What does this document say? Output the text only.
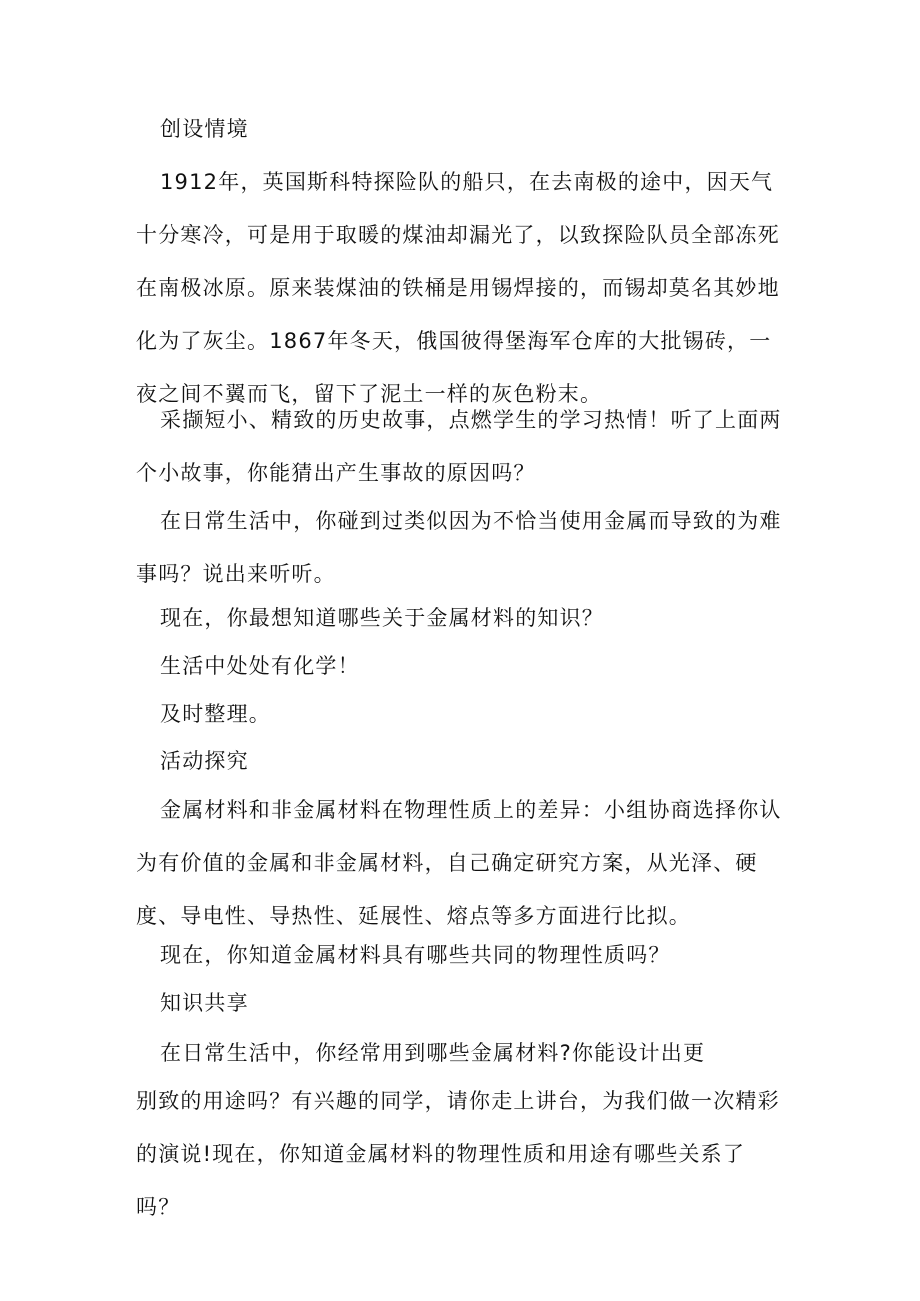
创设情境

1912年，英国斯科特探险队的船只，在去南极的途中，因天气十分寒冷，可是用于取暖的煤油却漏光了，以致探险队员全部冻死在南极冰原。原来装煤油的铁桶是用锡焊接的，而锡却莫名其妙地化为了灰尘。1867年冬天，俄国彼得堡海军仓库的大批锡砖，一夜之间不翼而飞，留下了泥土一样的灰色粉末。

采撷短小、精致的历史故事，点燃学生的学习热情！听了上面两个小故事，你能猜出产生事故的原因吗？

在日常生活中，你碰到过类似因为不恰当使用金属而导致的为难事吗？说出来听听。

现在，你最想知道哪些关于金属材料的知识？

生活中处处有化学！

及时整理。

活动探究

金属材料和非金属材料在物理性质上的差异：小组协商选择你认为有价值的金属和非金属材料，自己确定研究方案，从光泽、硬度、导电性、导热性、延展性、熔点等多方面进行比拟。

现在，你知道金属材料具有哪些共同的物理性质吗？

知识共享

在日常生活中，你经常用到哪些金属材料?你能设计出更

别致的用途吗？有兴趣的同学，请你走上讲台，为我们做一次精彩的演说!现在，你知道金属材料的物理性质和用途有哪些关系了吗？
